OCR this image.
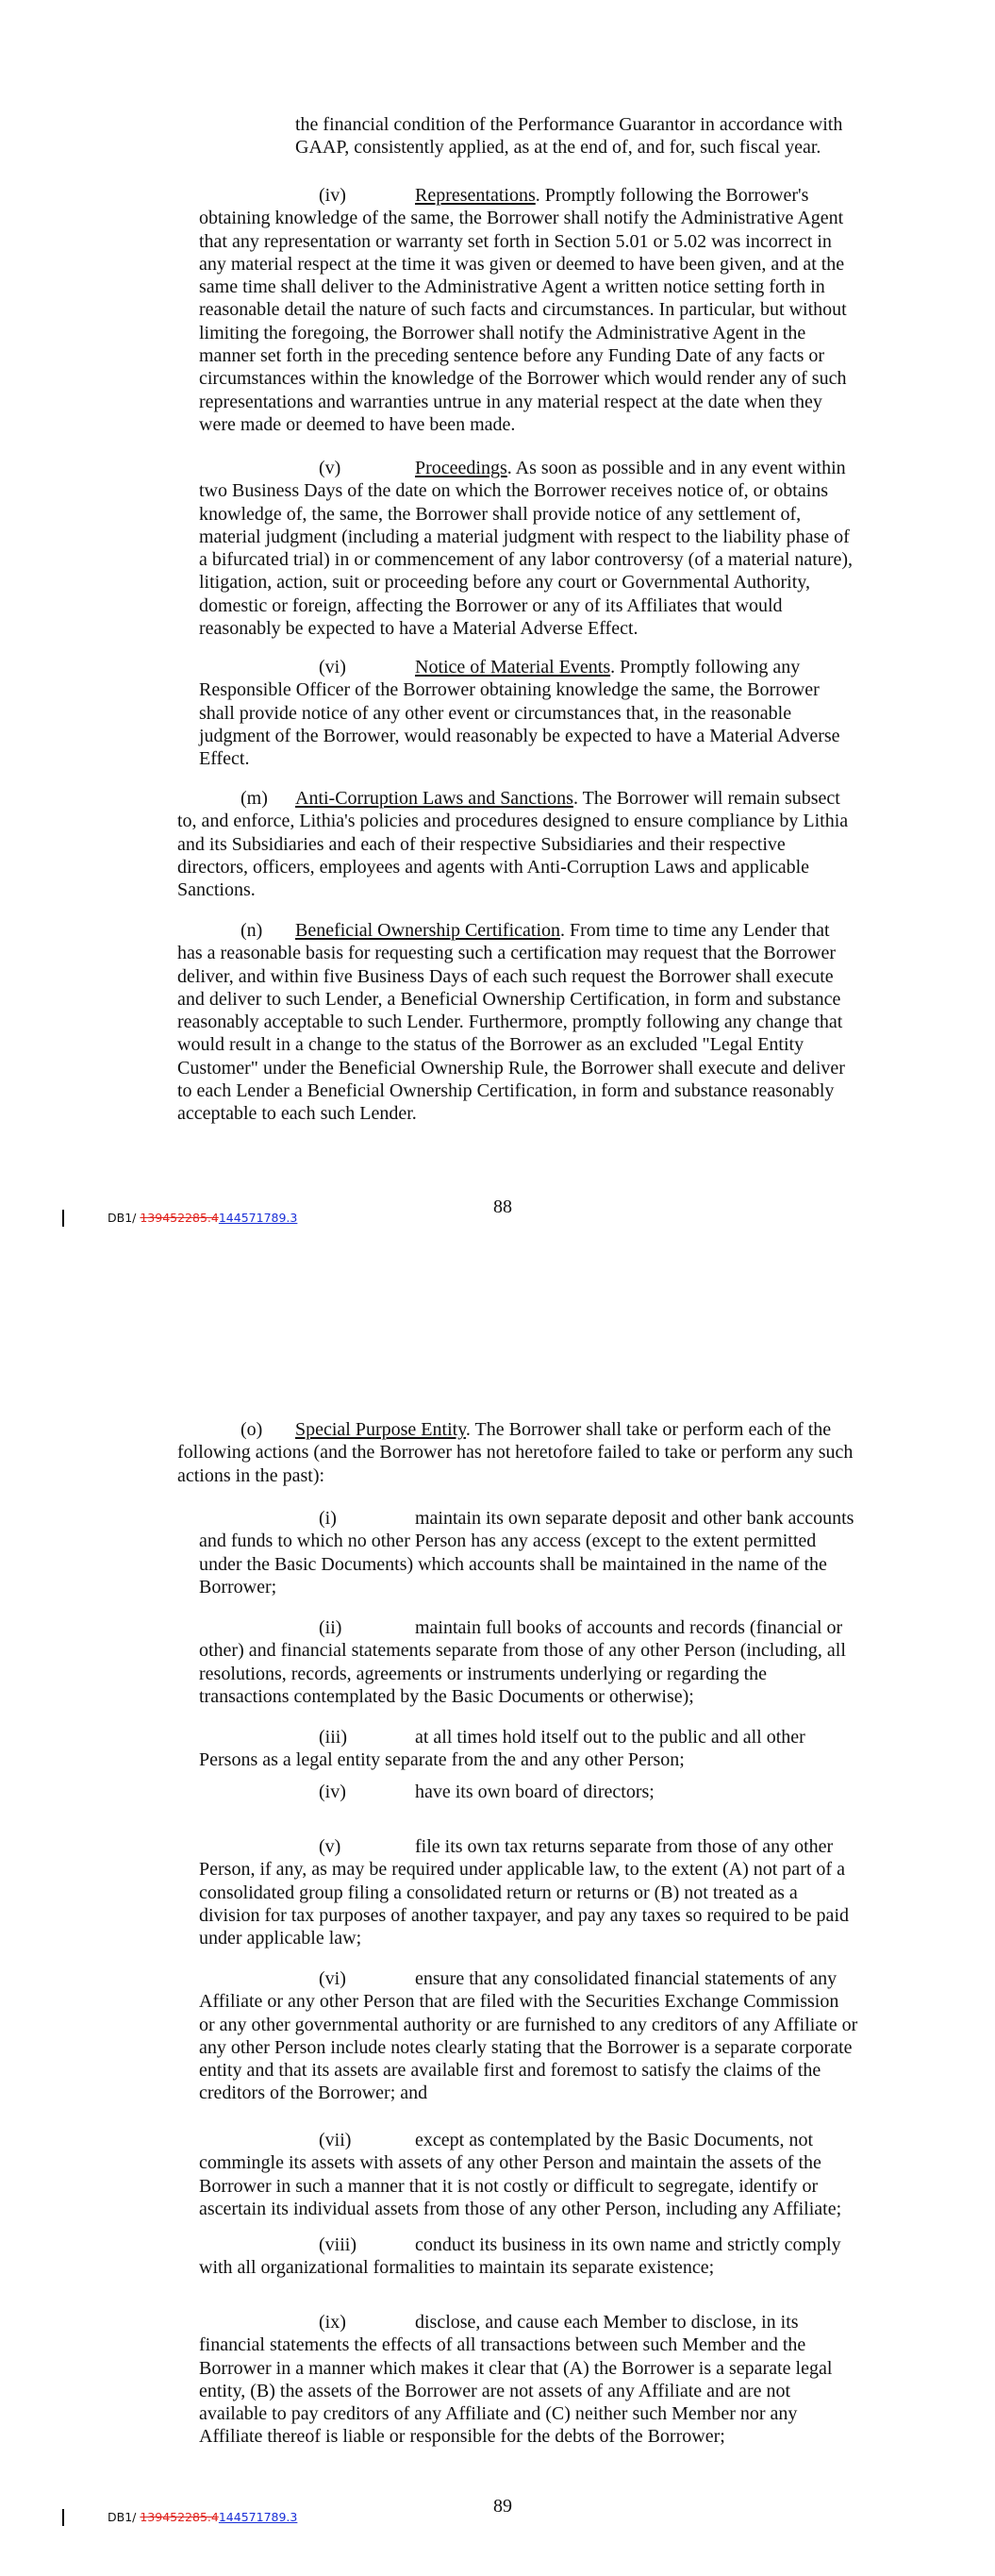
the financial condition of the Performance Guarantor in accordance with
GAAP, consistently applied, as at the end of, and for, such fiscal year.
(iv)	Representations. Promptly following the Borrower's
obtaining knowledge of the same, the Borrower shall notify the Administrative Agent
that any representation or warranty set forth in Section 5.01 or 5.02 was incorrect in
any material respect at the time it was given or deemed to have been given, and at the
same time shall deliver to the Administrative Agent a written notice setting forth in
reasonable detail the nature of such facts and circumstances. In particular, but without
limiting the foregoing, the Borrower shall notify the Administrative Agent in the
manner set forth in the preceding sentence before any Funding Date of any facts or
circumstances within the knowledge of the Borrower which would render any of such
representations and warranties untrue in any material respect at the date when they
were made or deemed to have been made.
(v)	Proceedings. As soon as possible and in any event within
two Business Days of the date on which the Borrower receives notice of, or obtains
knowledge of, the same, the Borrower shall provide notice of any settlement of,
material judgment (including a material judgment with respect to the liability phase of
a bifurcated trial) in or commencement of any labor controversy (of a material nature),
litigation, action, suit or proceeding before any court or Governmental Authority,
domestic or foreign, affecting the Borrower or any of its Affiliates that would
reasonably be expected to have a Material Adverse Effect.
(vi)	Notice of Material Events. Promptly following any
Responsible Officer of the Borrower obtaining knowledge the same, the Borrower
shall provide notice of any other event or circumstances that, in the reasonable
judgment of the Borrower, would reasonably be expected to have a Material Adverse
Effect.
(m) Anti-Corruption Laws and Sanctions. The Borrower will remain subsect
to, and enforce, Lithia's policies and procedures designed to ensure compliance by Lithia
and its Subsidiaries and each of their respective Subsidiaries and their respective
directors, officers, employees and agents with Anti-Corruption Laws and applicable
Sanctions.
(n) Beneficial Ownership Certification. From time to time any Lender that
has a reasonable basis for requesting such a certification may request that the Borrower
deliver, and within five Business Days of each such request the Borrower shall execute
and deliver to such Lender, a Beneficial Ownership Certification, in form and substance
reasonably acceptable to such Lender. Furthermore, promptly following any change that
would result in a change to the status of the Borrower as an excluded "Legal Entity
Customer" under the Beneficial Ownership Rule, the Borrower shall execute and deliver
to each Lender a Beneficial Ownership Certification, in form and substance reasonably
acceptable to each such Lender.
DB1/ 139452285.4144571789.3
88
(o) Special Purpose Entity. The Borrower shall take or perform each of the
following actions (and the Borrower has not heretofore failed to take or perform any such
actions in the past):
(i)	maintain its own separate deposit and other bank accounts
and funds to which no other Person has any access (except to the extent permitted
under the Basic Documents) which accounts shall be maintained in the name of the
Borrower;
(ii)	maintain full books of accounts and records (financial or
other) and financial statements separate from those of any other Person (including, all
resolutions, records, agreements or instruments underlying or regarding the
transactions contemplated by the Basic Documents or otherwise);
(iii)	at all times hold itself out to the public and all other
Persons as a legal entity separate from the and any other Person;
(iv)	have its own board of directors;
(v)	file its own tax returns separate from those of any other
Person, if any, as may be required under applicable law, to the extent (A) not part of a
consolidated group filing a consolidated return or returns or (B) not treated as a
division for tax purposes of another taxpayer, and pay any taxes so required to be paid
under applicable law;
(vi)	ensure that any consolidated financial statements of any
Affiliate or any other Person that are filed with the Securities Exchange Commission
or any other governmental authority or are furnished to any creditors of any Affiliate or
any other Person include notes clearly stating that the Borrower is a separate corporate
entity and that its assets are available first and foremost to satisfy the claims of the
creditors of the Borrower; and
(vii)	except as contemplated by the Basic Documents, not
commingle its assets with assets of any other Person and maintain the assets of the
Borrower in such a manner that it is not costly or difficult to segregate, identify or
ascertain its individual assets from those of any other Person, including any Affiliate;
(viii)	conduct its business in its own name and strictly comply
with all organizational formalities to maintain its separate existence;
(ix)	disclose, and cause each Member to disclose, in its
financial statements the effects of all transactions between such Member and the
Borrower in a manner which makes it clear that (A) the Borrower is a separate legal
entity, (B) the assets of the Borrower are not assets of any Affiliate and are not
available to pay creditors of any Affiliate and (C) neither such Member nor any
Affiliate thereof is liable or responsible for the debts of the Borrower;
DB1/ 139452285.4144571789.3
89
